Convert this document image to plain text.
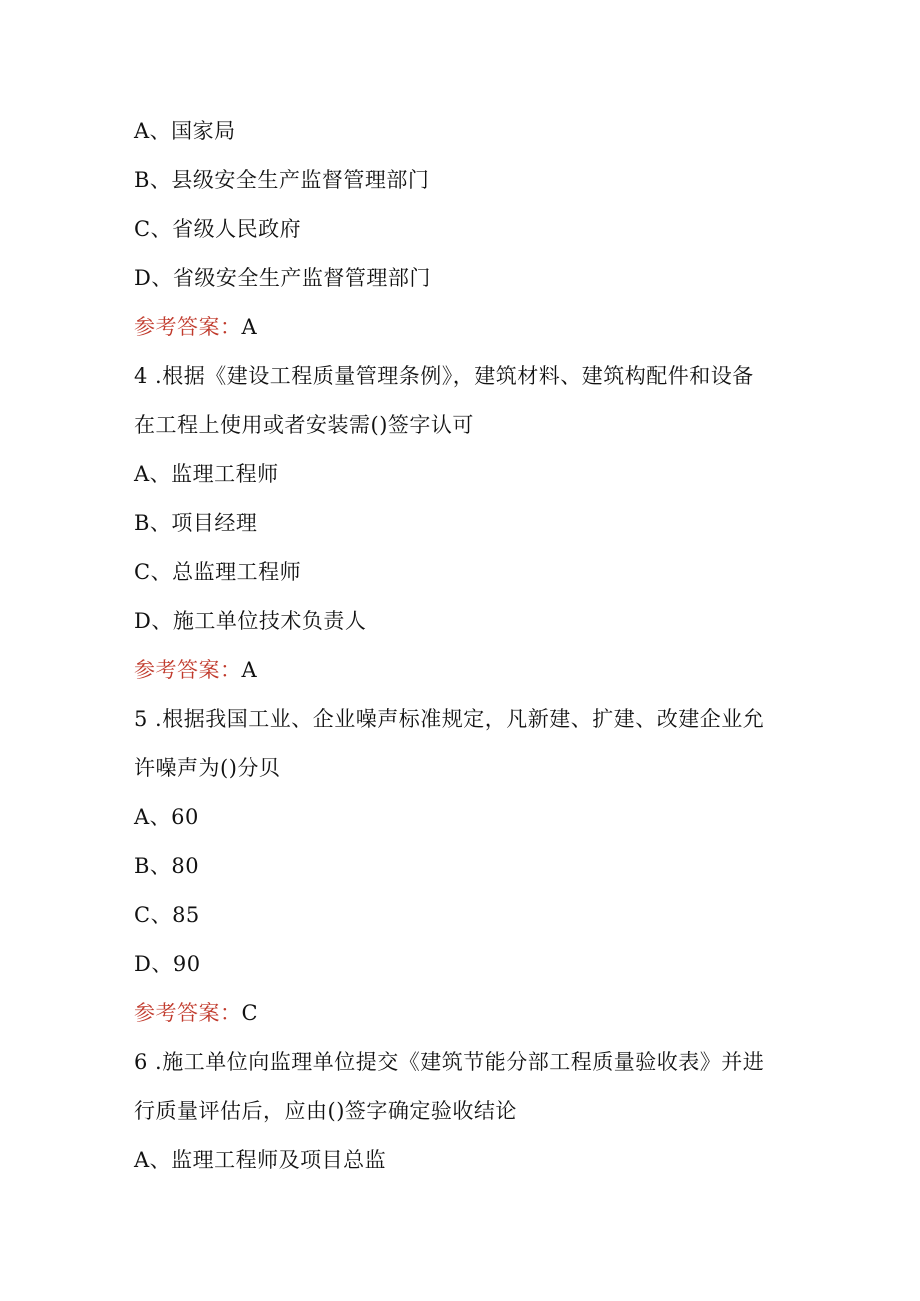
A、国家局
B、县级安全生产监督管理部门
C、省级人民政府
D、省级安全生产监督管理部门
参考答案：A
4 .根据《建设工程质量管理条例》，建筑材料、建筑构配件和设备
在工程上使用或者安装需()签字认可
A、监理工程师
B、项目经理
C、总监理工程师
D、施工单位技术负责人
参考答案：A
5 .根据我国工业、企业噪声标准规定，凡新建、扩建、改建企业允
许噪声为()分贝
A、60
B、80
C、85
D、90
参考答案：C
6 .施工单位向监理单位提交《建筑节能分部工程质量验收表》并进
行质量评估后，应由()签字确定验收结论
A、监理工程师及项目总监
